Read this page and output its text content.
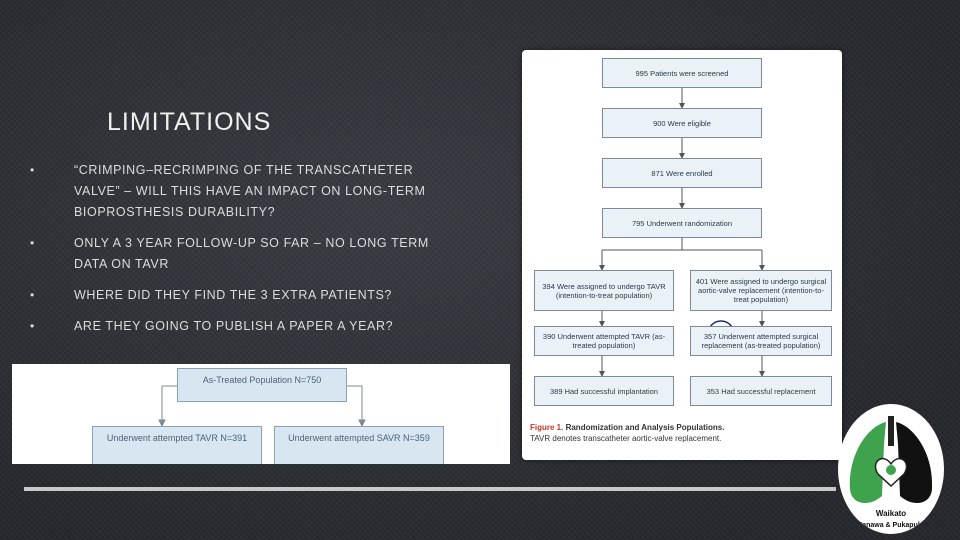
LIMITATIONS
•	“CRIMPING–RECRIMPING OF THE TRANSCATHETER VALVE” – WILL THIS HAVE AN IMPACT ON LONG-TERM BIOPROSTHESIS DURABILITY?
•	ONLY A 3 YEAR FOLLOW-UP SO FAR – NO LONG TERM DATA ON TAVR
•	WHERE DID THEY FIND THE 3 EXTRA PATIENTS?
•	ARE THEY GOING TO PUBLISH A PAPER A YEAR?
995 Patients were screened
900 Were eligible
871 Were enrolled
795 Underwent randomization
394 Were assigned to undergo TAVR (intention-to-treat population)
401 Were assigned to undergo surgical aortic-valve replacement (intention-to-treat population)
390 Underwent attempted TAVR (as-treated population)
357 Underwent attempted surgical replacement (as-treated population)
389 Had successful implantation	353 Had successful replacement
Figure 1. Randomization and Analysis Populations.
TAVR denotes transcatheter aortic-valve replacement.
As-Treated Population N=750
Underwent attempted TAVR N=391	Underwent attempted SAVR N=359
Waikato
Manawa & Pukapuka
